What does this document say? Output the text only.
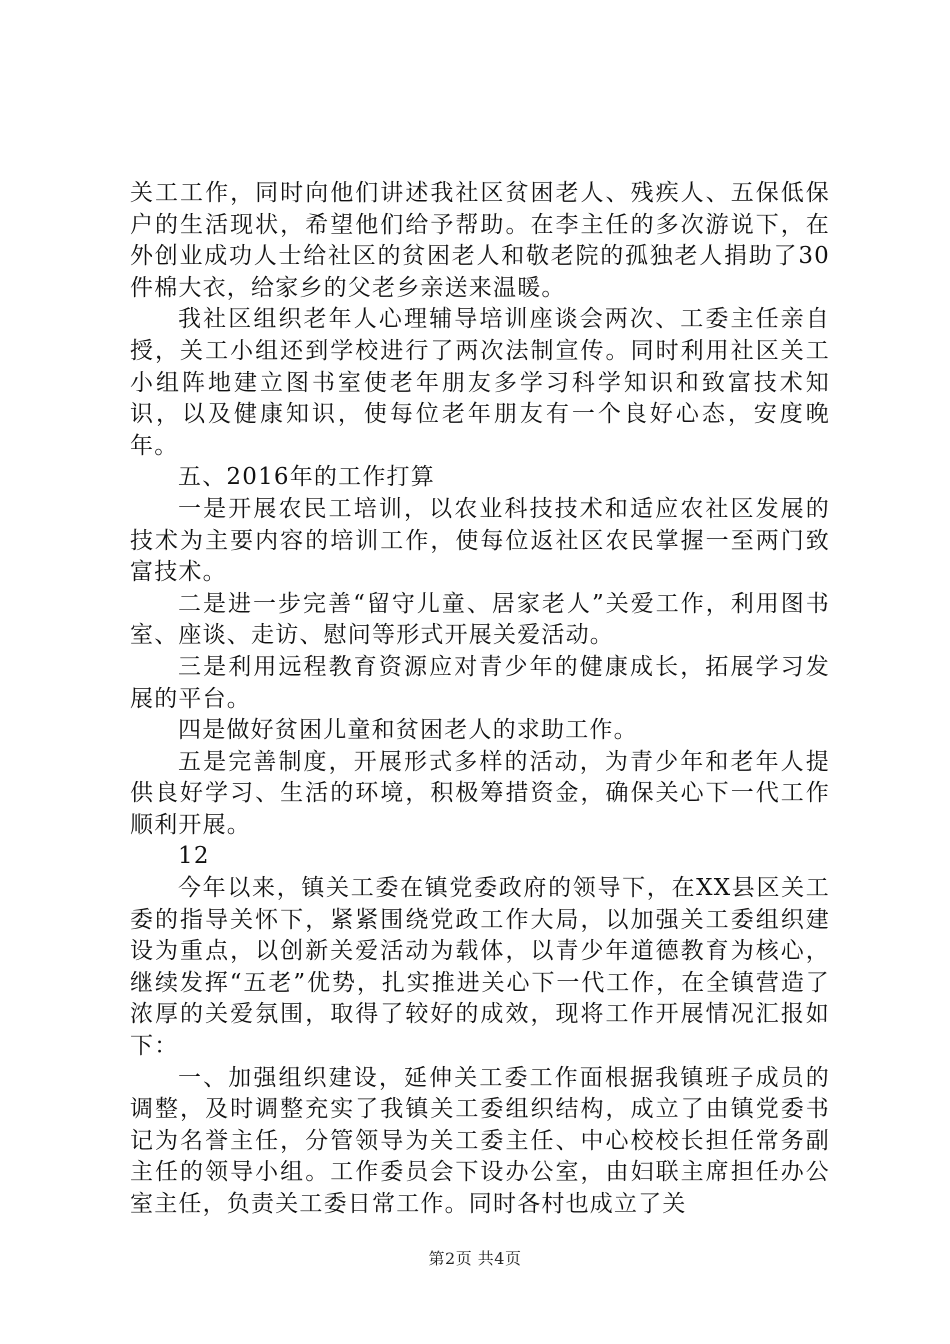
关工工作，同时向他们讲述我社区贫困老人、残疾人、五保低保户的生活现状，希望他们给予帮助。在李主任的多次游说下，在外创业成功人士给社区的贫困老人和敬老院的孤独老人捐助了30件棉大衣，给家乡的父老乡亲送来温暖。

我社区组织老年人心理辅导培训座谈会两次、工委主任亲自授，关工小组还到学校进行了两次法制宣传。同时利用社区关工小组阵地建立图书室使老年朋友多学习科学知识和致富技术知识，以及健康知识，使每位老年朋友有一个良好心态，安度晚年。

五、2016年的工作打算

一是开展农民工培训，以农业科技技术和适应农社区发展的技术为主要内容的培训工作，使每位返社区农民掌握一至两门致富技术。

二是进一步完善“留守儿童、居家老人”关爱工作，利用图书室、座谈、走访、慰问等形式开展关爱活动。

三是利用远程教育资源应对青少年的健康成长，拓展学习发展的平台。

四是做好贫困儿童和贫困老人的求助工作。

五是完善制度，开展形式多样的活动，为青少年和老年人提供良好学习、生活的环境，积极筹措资金，确保关心下一代工作顺利开展。

12

今年以来，镇关工委在镇党委政府的领导下，在XX县区关工委的指导关怀下，紧紧围绕党政工作大局，以加强关工委组织建设为重点，以创新关爱活动为载体，以青少年道德教育为核心，继续发挥“五老”优势，扎实推进关心下一代工作，在全镇营造了浓厚的关爱氛围，取得了较好的成效，现将工作开展情况汇报如下：

一、加强组织建设，延伸关工委工作面根据我镇班子成员的调整，及时调整充实了我镇关工委组织结构，成立了由镇党委书记为名誉主任，分管领导为关工委主任、中心校校长担任常务副主任的领导小组。工作委员会下设办公室，由妇联主席担任办公室主任，负责关工委日常工作。同时各村也成立了关

第2页 共4页
